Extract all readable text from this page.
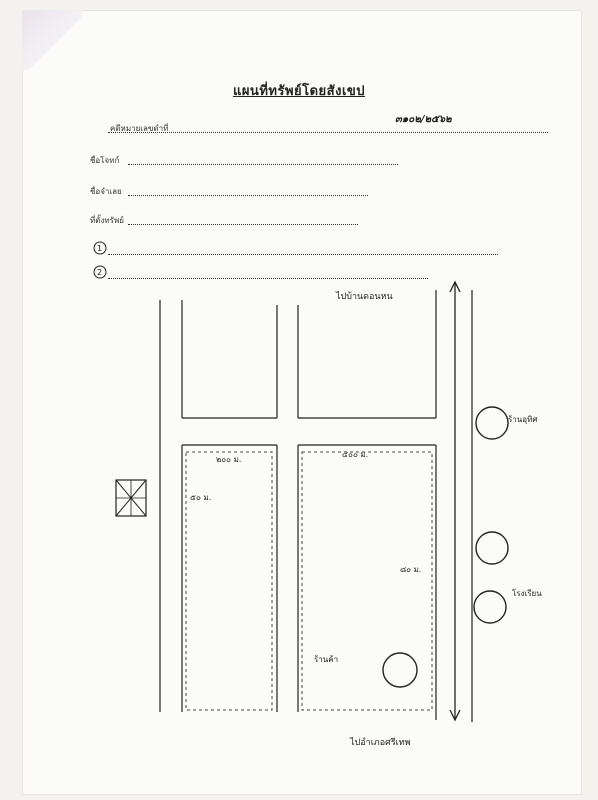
แผนที่ทรัพย์โดยสังเขป
คดีหมายเลขดำที่
๓๑๐๒/๒๕๖๒
ชื่อโจทก์
ชื่อจำเลย
ที่ตั้งทรัพย์
1
2
ไปบ้านดอนหน
๒๐๐ ม.
๕๐ ม.
๔๐๐ ม.
๘๐ ม.
ร้านอุทิศ
โรงเรียน
ร้านค้า
ไปอำเภอศรีเทพ
